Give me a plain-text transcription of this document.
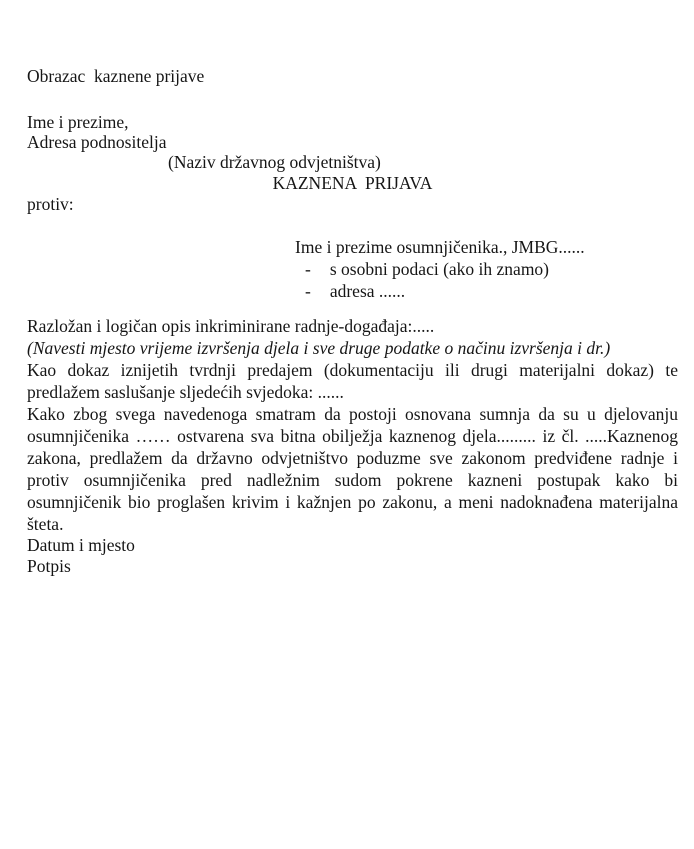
Obrazac  kaznene prijave

Ime i prezime,

Adresa podnositelja

(Naziv državnog odvjetništva)

KAZNENA  PRIJAVA

protiv:

Ime i prezime osumnjičenika., JMBG......

- s osobni podaci (ako ih znamo)
- adresa ......

Razložan i logičan opis inkriminirane radnje-događaja:.....

(Navesti mjesto vrijeme izvršenja djela i sve druge podatke o načinu izvršenja i dr.)

Kao dokaz iznijetih tvrdnji predajem (dokumentaciju ili drugi materijalni dokaz) te predlažem saslušanje sljedećih svjedoka: ......

Kako zbog svega navedenoga smatram da postoji osnovana sumnja da su u djelovanju osumnjičenika …… ostvarena sva bitna obilježja kaznenog djela......... iz čl. .....Kaznenog zakona, predlažem da državno odvjetništvo poduzme sve zakonom predviđene radnje i protiv osumnjičenika pred nadležnim sudom pokrene kazneni postupak kako bi osumnjičenik bio proglašen krivim i kažnjen po zakonu, a meni nadoknađena materijalna šteta.

Datum i mjesto

Potpis
